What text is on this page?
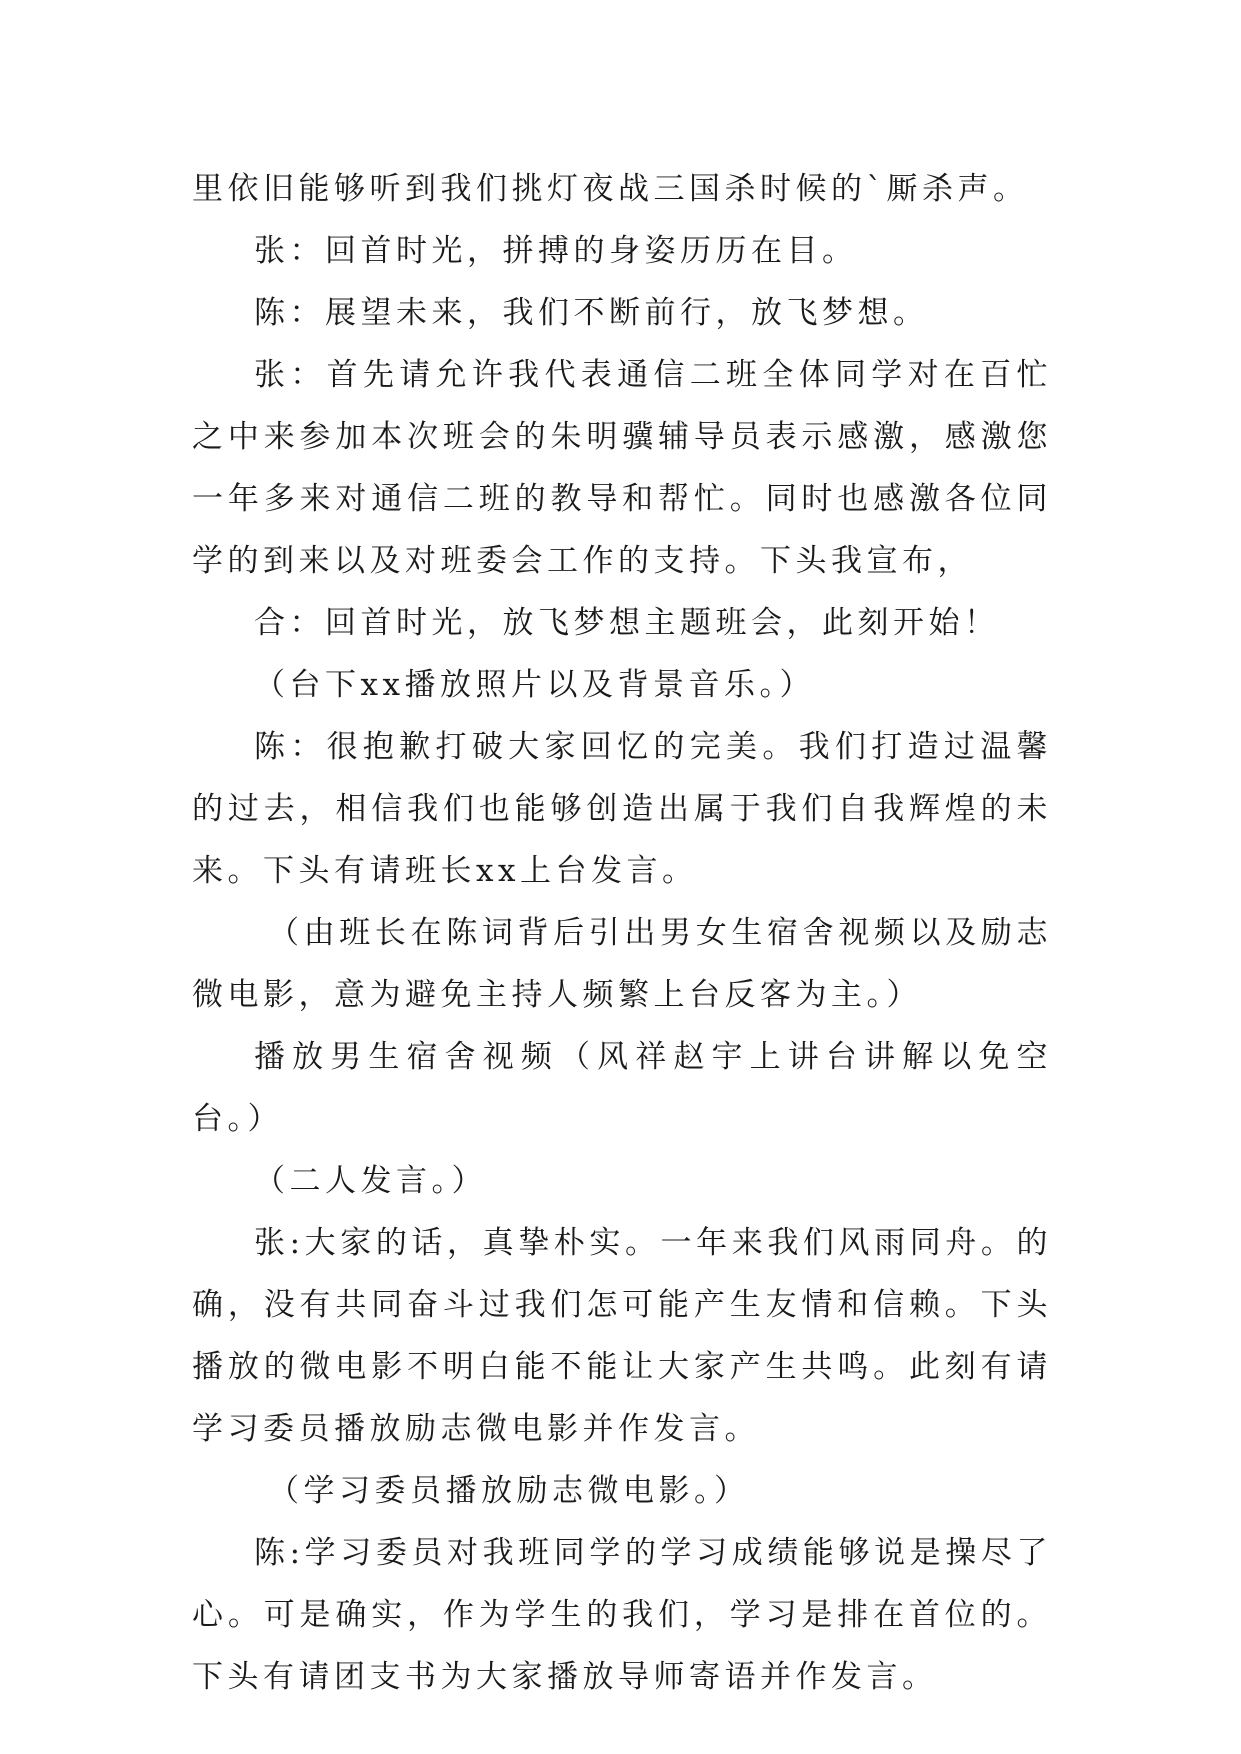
里依旧能够听到我们挑灯夜战三国杀时候的`厮杀声。

张：回首时光，拼搏的身姿历历在目。

陈：展望未来，我们不断前行，放飞梦想。

张：首先请允许我代表通信二班全体同学对在百忙之中来参加本次班会的朱明骥辅导员表示感激，感激您一年多来对通信二班的教导和帮忙。同时也感激各位同学的到来以及对班委会工作的支持。下头我宣布，

合：回首时光，放飞梦想主题班会，此刻开始！

（台下xx播放照片以及背景音乐。）

陈：很抱歉打破大家回忆的完美。我们打造过温馨的过去，相信我们也能够创造出属于我们自我辉煌的未来。下头有请班长xx上台发言。

（由班长在陈词背后引出男女生宿舍视频以及励志微电影，意为避免主持人频繁上台反客为主。）

播放男生宿舍视频（风祥赵宇上讲台讲解以免空台。）

（二人发言。）

张:大家的话，真挚朴实。一年来我们风雨同舟。的确，没有共同奋斗过我们怎可能产生友情和信赖。下头播放的微电影不明白能不能让大家产生共鸣。此刻有请学习委员播放励志微电影并作发言。

（学习委员播放励志微电影。）

陈:学习委员对我班同学的学习成绩能够说是操尽了心。可是确实，作为学生的我们，学习是排在首位的。下头有请团支书为大家播放导师寄语并作发言。
